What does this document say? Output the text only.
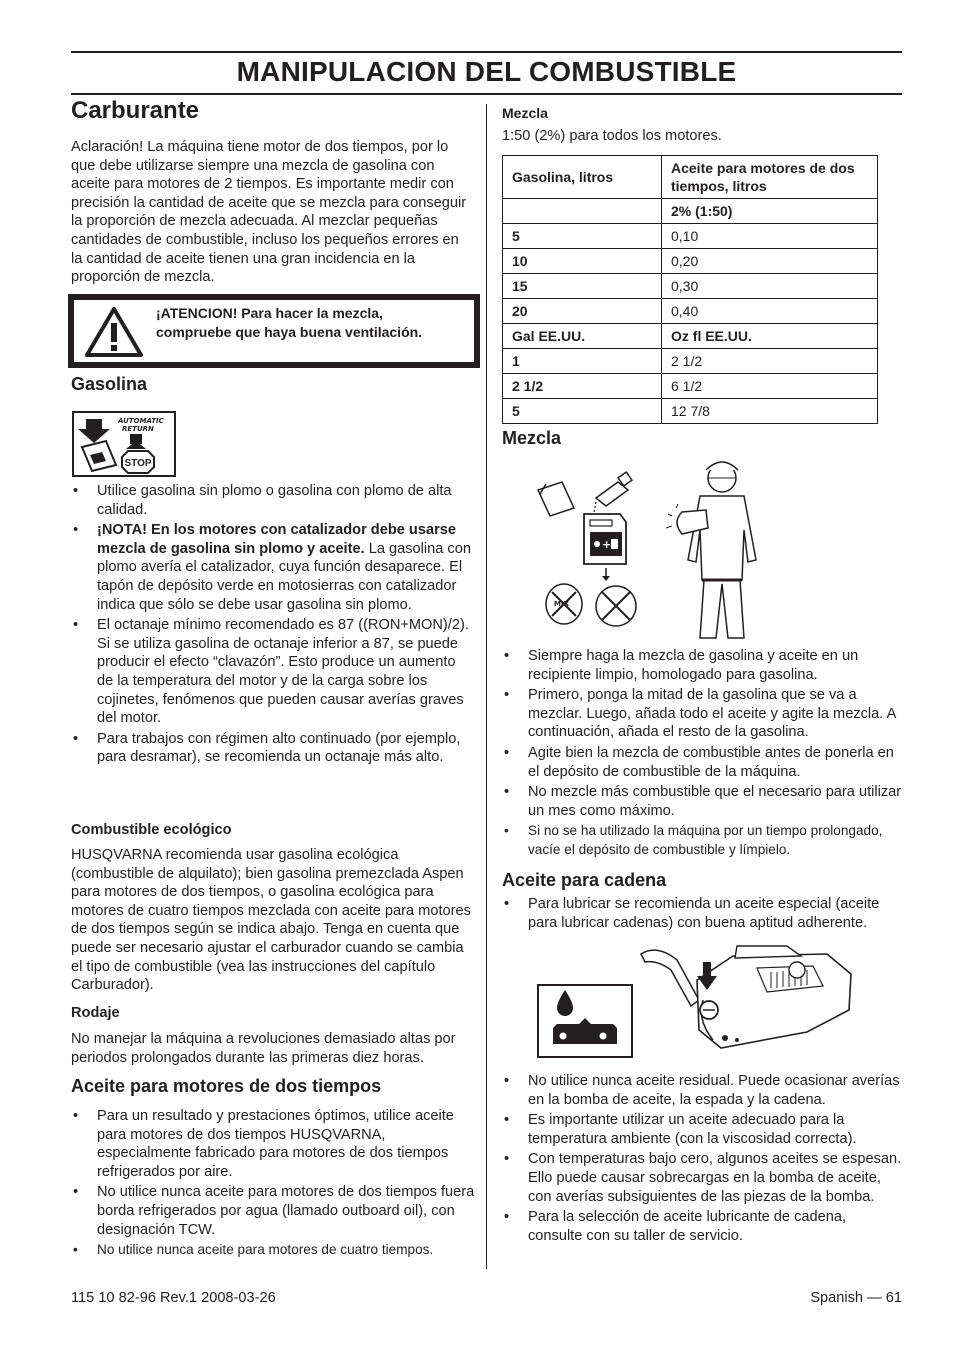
MANIPULACION DEL COMBUSTIBLE
Carburante

Aclaración! La máquina tiene motor de dos tiempos, por lo que debe utilizarse siempre una mezcla de gasolina con aceite para motores de 2 tiempos. Es importante medir con precisión la cantidad de aceite que se mezcla para conseguir la proporción de mezcla adecuada. Al mezclar pequeñas cantidades de combustible, incluso los pequeños errores en la cantidad de aceite tienen una gran incidencia en la proporción de mezcla.

¡ATENCION! Para hacer la mezcla,
compruebe que haya buena ventilación.
Gasolina
AUTOMATIC
RETURN
STOP
• Utilice gasolina sin plomo o gasolina con plomo de alta calidad.
• ¡NOTA! En los motores con catalizador debe usarse mezcla de gasolina sin plomo y aceite. La gasolina con plomo avería el catalizador, cuya función desaparece. El tapón de depósito verde en motosierras con catalizador indica que sólo se debe usar gasolina sin plomo.
• El octanaje mínimo recomendado es 87 ((RON+MON)/2). Si se utiliza gasolina de octanaje inferior a 87, se puede producir el efecto “clavazón”. Esto produce un aumento de la temperatura del motor y de la carga sobre los cojinetes, fenómenos que pueden causar averías graves del motor.
• Para trabajos con régimen alto continuado (por ejemplo, para desramar), se recomienda un octanaje más alto.
Combustible ecológico

HUSQVARNA recomienda usar gasolina ecológica (combustible de alquilato); bien gasolina premezclada Aspen para motores de dos tiempos, o gasolina ecológica para motores de cuatro tiempos mezclada con aceite para motores de dos tiempos según se indica abajo. Tenga en cuenta que puede ser necesario ajustar el carburador cuando se cambia el tipo de combustible (vea las instrucciones del capítulo Carburador).

Rodaje

No manejar la máquina a revoluciones demasiado altas por periodos prolongados durante las primeras diez horas.

Aceite para motores de dos tiempos
• Para un resultado y prestaciones óptimos, utilice aceite para motores de dos tiempos HUSQVARNA, especialmente fabricado para motores de dos tiempos refrigerados por aire.
• No utilice nunca aceite para motores de dos tiempos fuera borda refrigerados por agua (llamado outboard oil), con designación TCW.
• No utilice nunca aceite para motores de cuatro tiempos.
Mezcla

1:50 (2%) para todos los motores.

Gasolina, litros	Aceite para motores de dos tiempos, litros
	2% (1:50)
5	0,10
10	0,20
15	0,30
20	0,40
Gal EE.UU.	Oz fl EE.UU.
1	2 1/2
2 1/2	6 1/2
5	12 7/8
Mezcla
+
MIX
• Siempre haga la mezcla de gasolina y aceite en un recipiente limpio, homologado para gasolina.
• Primero, ponga la mitad de la gasolina que se va a mezclar. Luego, añada todo el aceite y agite la mezcla. A continuación, añada el resto de la gasolina.
• Agite bien la mezcla de combustible antes de ponerla en el depósito de combustible de la máquina.
• No mezcle más combustible que el necesario para utilizar un mes como máximo.
• Si no se ha utilizado la máquina por un tiempo prolongado, vacíe el depósito de combustible y límpielo.
Aceite para cadena
• Para lubricar se recomienda un aceite especial (aceite para lubricar cadenas) con buena aptitud adherente.
• No utilice nunca aceite residual. Puede ocasionar averías en la bomba de aceite, la espada y la cadena.
• Es importante utilizar un aceite adecuado para la temperatura ambiente (con la viscosidad correcta).
• Con temperaturas bajo cero, algunos aceites se espesan. Ello puede causar sobrecargas en la bomba de aceite, con averías subsiguientes de las piezas de la bomba.
• Para la selección de aceite lubricante de cadena, consulte con su taller de servicio.
115 10 82-96 Rev.1 2008-03-26	Spanish — 61
